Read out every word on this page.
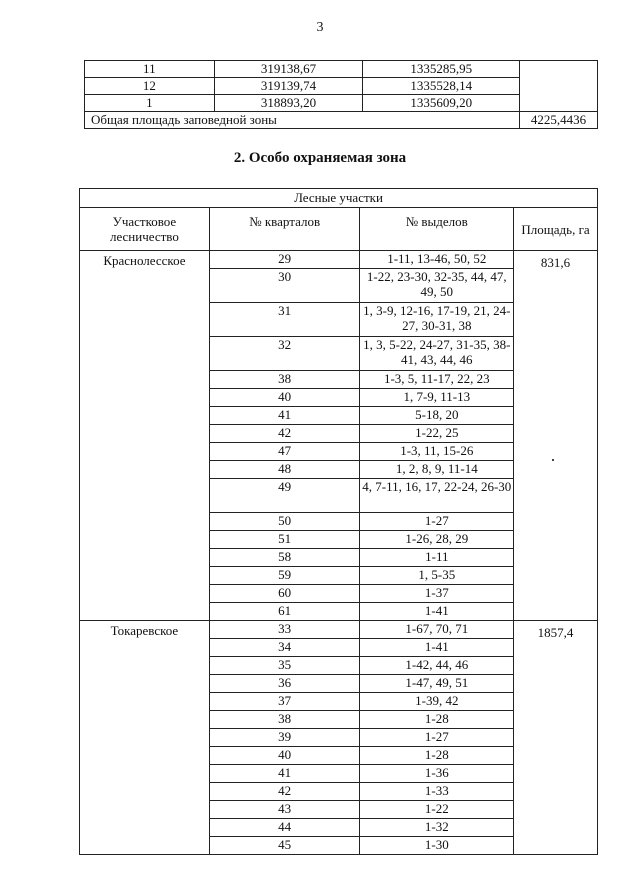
3
11	319138,67	1335285,95	
12	319139,74	1335528,14	
1	318893,20	1335609,20	
Общая площадь заповедной зоны			4225,4436
2. Особо охраняемая зона
Лесные участки			
Участковое лесничество	№ кварталов	№ выделов	Площадь, га
Краснолесское	29	1-11, 13-46, 50, 52	831,6
	30	1-22, 23-30, 32-35, 44, 47, 49, 50	
	31	1, 3-9, 12-16, 17-19, 21, 24-27, 30-31, 38	
	32	1, 3, 5-22, 24-27, 31-35, 38-41, 43, 44, 46	
	38	1-3, 5, 11-17, 22, 23	
	40	1, 7-9, 11-13	
	41	5-18, 20	
	42	1-22, 25	
	47	1-3, 11, 15-26	
	48	1, 2, 8, 9, 11-14	
	49	4, 7-11, 16, 17, 22-24, 26-30	
	50	1-27	
	51	1-26, 28, 29	
	58	1-11	
	59	1, 5-35	
	60	1-37	
	61	1-41	
Токаревское	33	1-67, 70, 71	1857,4
	34	1-41	
	35	1-42, 44, 46	
	36	1-47, 49, 51	
	37	1-39, 42	
	38	1-28	
	39	1-27	
	40	1-28	
	41	1-36	
	42	1-33	
	43	1-22	
	44	1-32	
	45	1-30	
